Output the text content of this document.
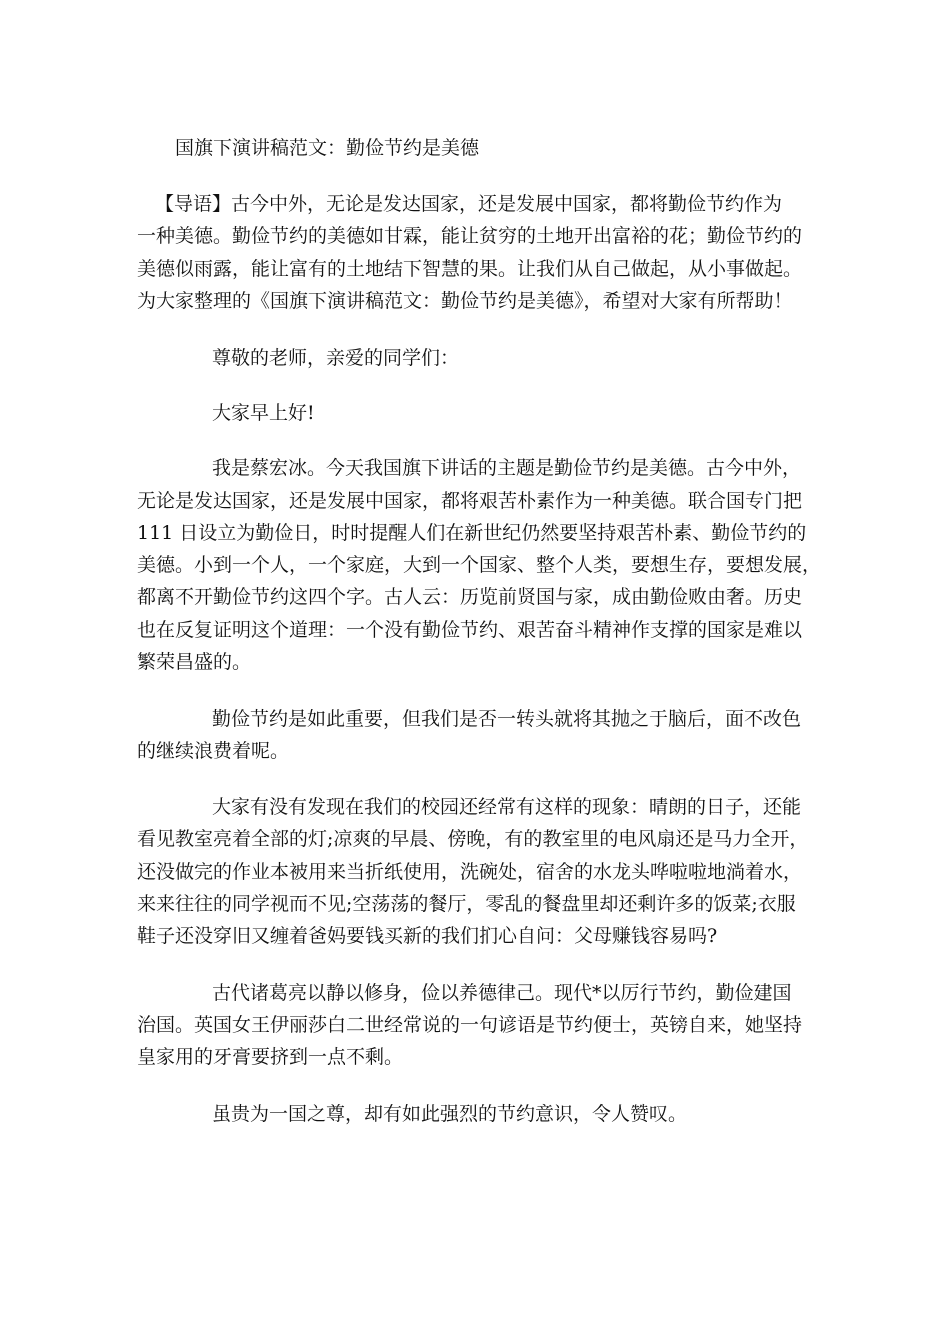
国旗下演讲稿范文：勤俭节约是美德
【导语】古今中外，无论是发达国家，还是发展中国家，都将勤俭节约作为
一种美德。勤俭节约的美德如甘霖，能让贫穷的土地开出富裕的花；勤俭节约的
美德似雨露，能让富有的土地结下智慧的果。让我们从自己做起，从小事做起。
为大家整理的《国旗下演讲稿范文：勤俭节约是美德》，希望对大家有所帮助！
尊敬的老师，亲爱的同学们：
大家早上好!
我是蔡宏冰。今天我国旗下讲话的主题是勤俭节约是美德。古今中外，
无论是发达国家，还是发展中国家，都将艰苦朴素作为一种美德。联合国专门把
111 日设立为勤俭日，时时提醒人们在新世纪仍然要坚持艰苦朴素、勤俭节约的
美德。小到一个人，一个家庭，大到一个国家、整个人类，要想生存，要想发展，
都离不开勤俭节约这四个字。古人云：历览前贤国与家，成由勤俭败由奢。历史
也在反复证明这个道理：一个没有勤俭节约、艰苦奋斗精神作支撑的国家是难以
繁荣昌盛的。
勤俭节约是如此重要，但我们是否一转头就将其抛之于脑后，面不改色
的继续浪费着呢。
大家有没有发现在我们的校园还经常有这样的现象：晴朗的日子，还能
看见教室亮着全部的灯;凉爽的早晨、傍晚，有的教室里的电风扇还是马力全开，
还没做完的作业本被用来当折纸使用，洗碗处，宿舍的水龙头哗啦啦地淌着水，
来来往往的同学视而不见;空荡荡的餐厅，零乱的餐盘里却还剩许多的饭菜;衣服
鞋子还没穿旧又缠着爸妈要钱买新的我们扪心自问：父母赚钱容易吗?
古代诸葛亮以静以修身，俭以养德律己。现代*以厉行节约，勤俭建国
治国。英国女王伊丽莎白二世经常说的一句谚语是节约便士，英镑自来，她坚持
皇家用的牙膏要挤到一点不剩。
虽贵为一国之尊，却有如此强烈的节约意识，令人赞叹。
